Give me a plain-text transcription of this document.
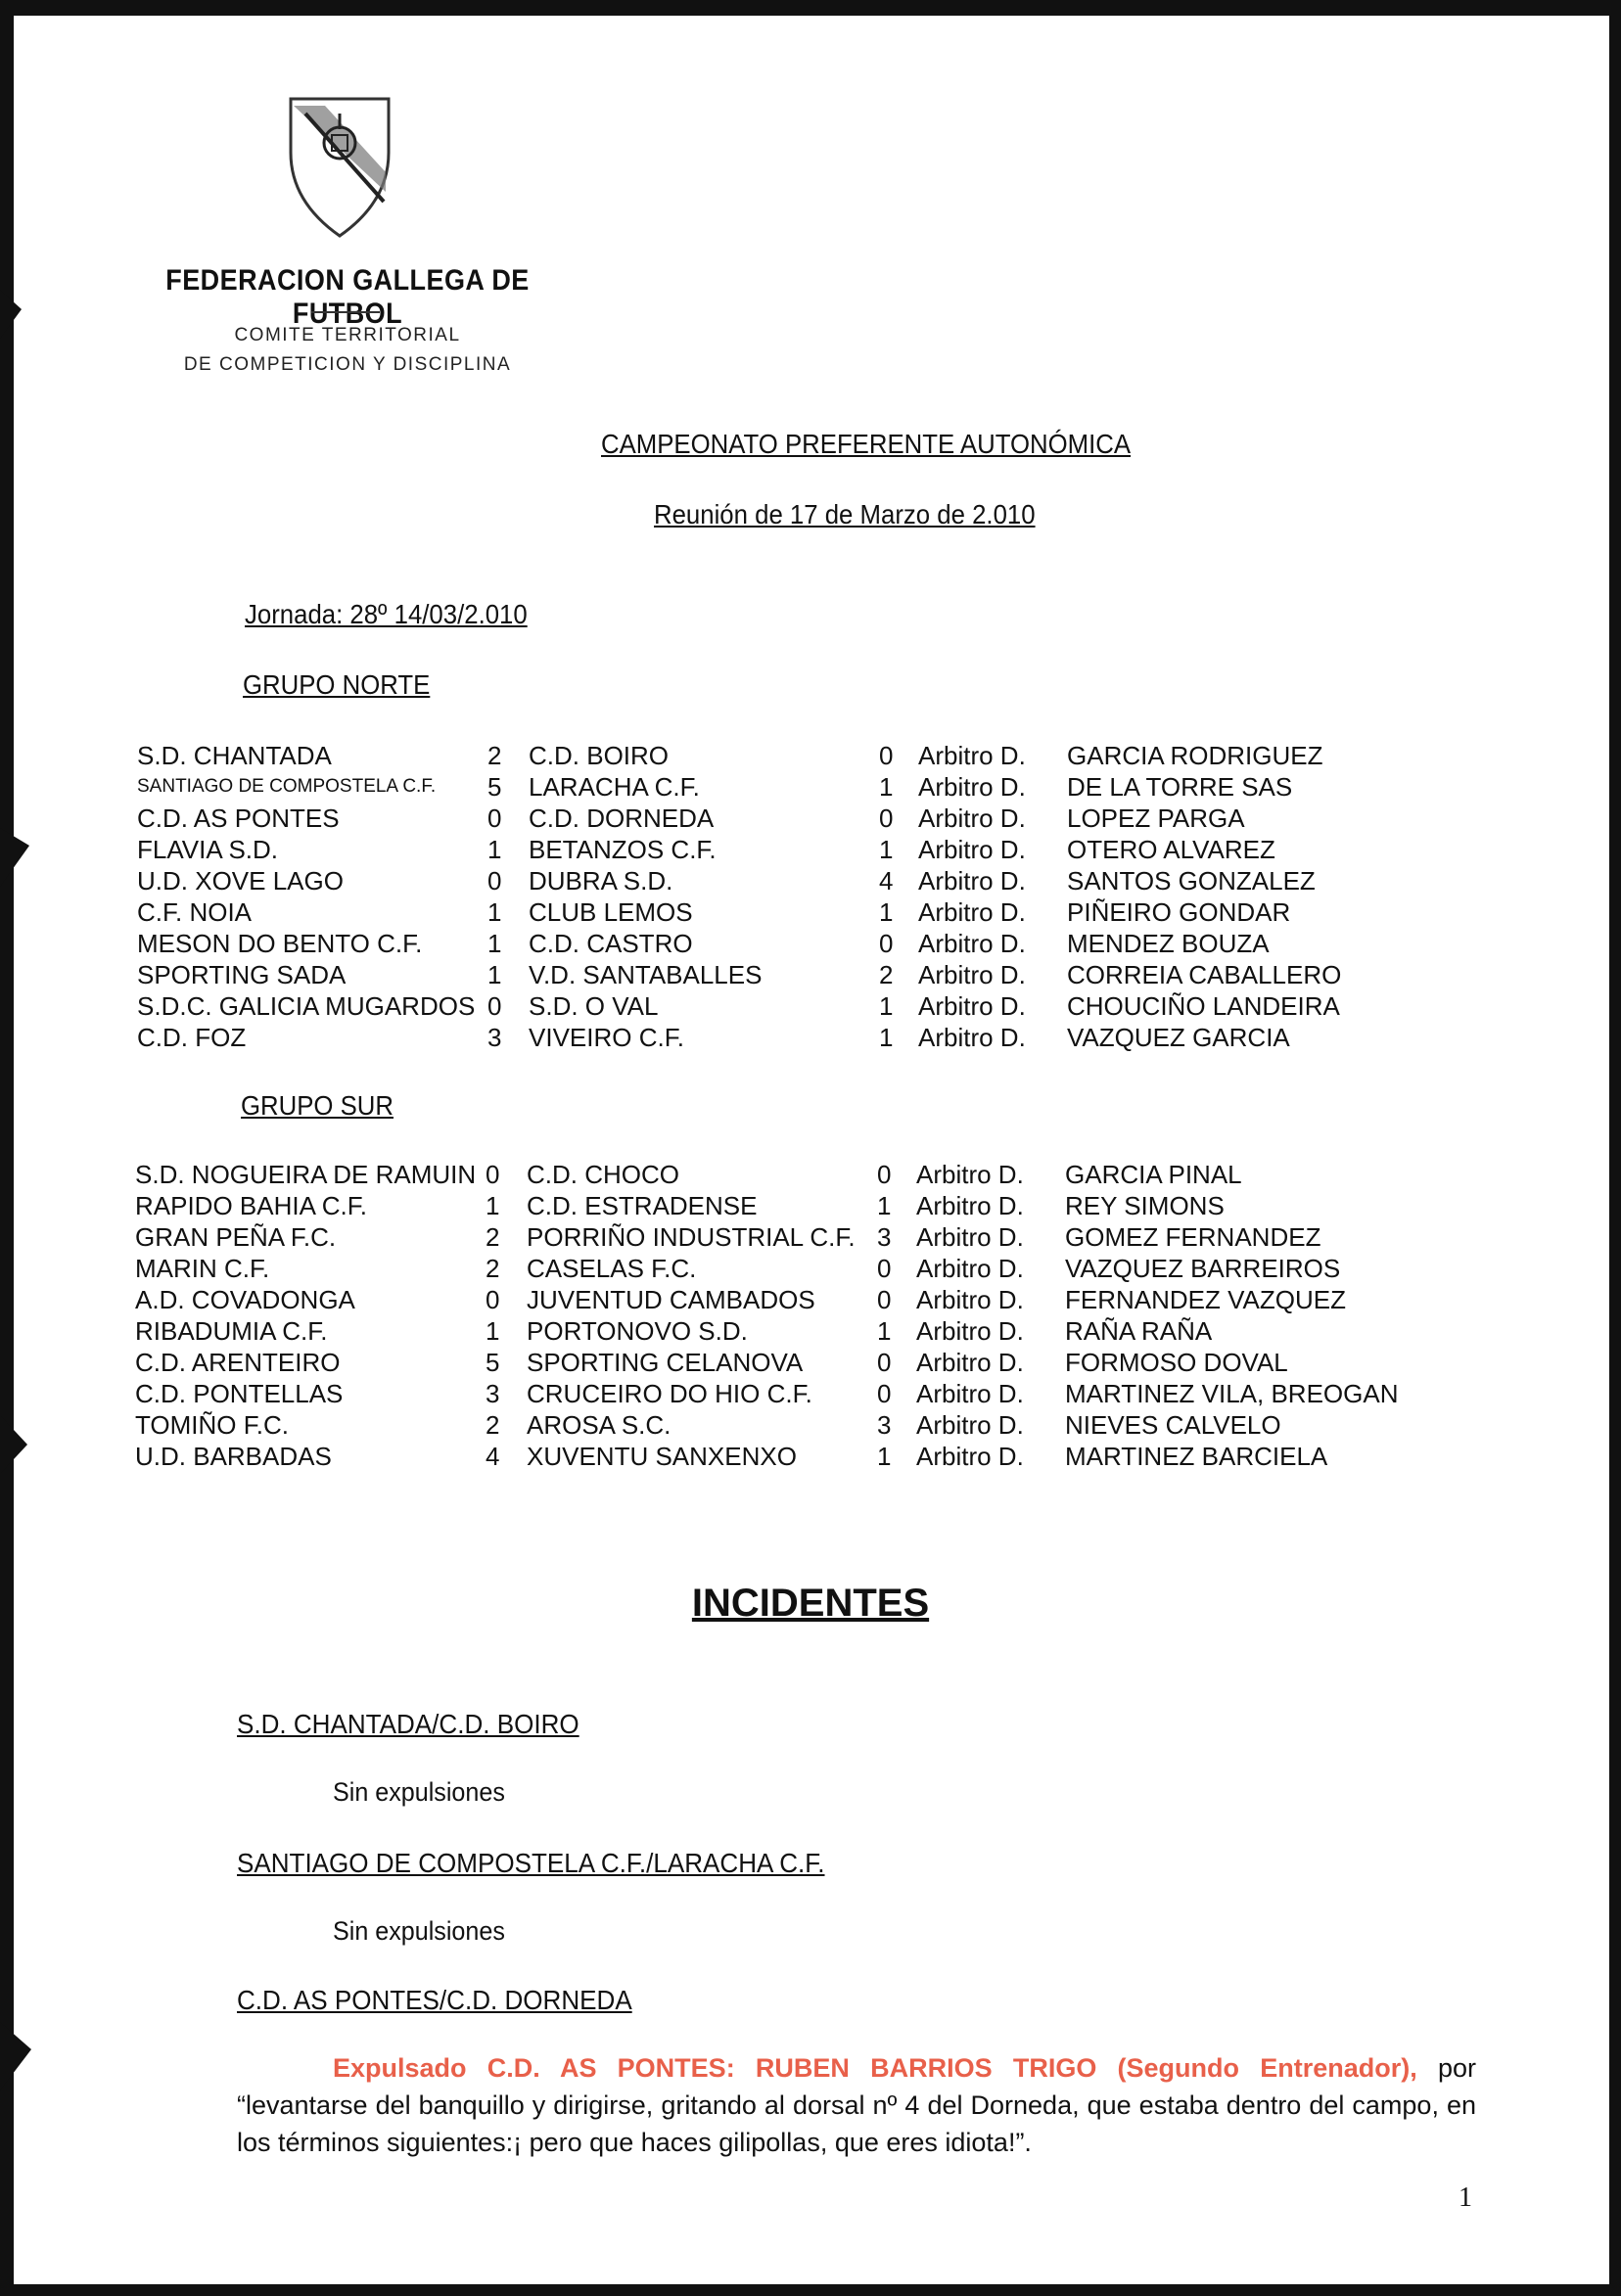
FEDERACION GALLEGA DE FUTBOL
COMITE TERRITORIAL
DE COMPETICION Y DISCIPLINA
CAMPEONATO PREFERENTE AUTONÓMICA
Reunión de 17 de Marzo de 2.010
Jornada: 28º 14/03/2.010
GRUPO NORTE
S.D. CHANTADA	2	C.D. BOIRO	0	Arbitro D.	GARCIA RODRIGUEZ
SANTIAGO DE COMPOSTELA C.F.	5	LARACHA C.F.	1	Arbitro D.	DE LA TORRE SAS
C.D. AS PONTES	0	C.D. DORNEDA	0	Arbitro D.	LOPEZ PARGA
FLAVIA S.D.	1	BETANZOS C.F.	1	Arbitro D.	OTERO ALVAREZ
U.D. XOVE LAGO	0	DUBRA S.D.	4	Arbitro D.	SANTOS GONZALEZ
C.F. NOIA	1	CLUB LEMOS	1	Arbitro D.	PIÑEIRO GONDAR
MESON DO BENTO C.F.	1	C.D. CASTRO	0	Arbitro D.	MENDEZ BOUZA
SPORTING SADA	1	V.D. SANTABALLES	2	Arbitro D.	CORREIA CABALLERO
S.D.C. GALICIA MUGARDOS	0	S.D. O VAL	1	Arbitro D.	CHOUCIÑO LANDEIRA
C.D. FOZ	3	VIVEIRO C.F.	1	Arbitro D.	VAZQUEZ GARCIA
GRUPO SUR
S.D. NOGUEIRA DE RAMUIN	0	C.D. CHOCO	0	Arbitro D.	GARCIA PINAL
RAPIDO BAHIA C.F.	1	C.D. ESTRADENSE	1	Arbitro D.	REY SIMONS
GRAN PEÑA F.C.	2	PORRIÑO INDUSTRIAL C.F.	3	Arbitro D.	GOMEZ FERNANDEZ
MARIN C.F.	2	CASELAS F.C.	0	Arbitro D.	VAZQUEZ BARREIROS
A.D. COVADONGA	0	JUVENTUD CAMBADOS	0	Arbitro D.	FERNANDEZ VAZQUEZ
RIBADUMIA C.F.	1	PORTONOVO S.D.	1	Arbitro D.	RAÑA RAÑA
C.D. ARENTEIRO	5	SPORTING CELANOVA	0	Arbitro D.	FORMOSO DOVAL
C.D. PONTELLAS	3	CRUCEIRO DO HIO C.F.	0	Arbitro D.	MARTINEZ VILA, BREOGAN
TOMIÑO F.C.	2	AROSA S.C.	3	Arbitro D.	NIEVES CALVELO
U.D. BARBADAS	4	XUVENTU SANXENXO	1	Arbitro D.	MARTINEZ BARCIELA
INCIDENTES
S.D. CHANTADA/C.D. BOIRO
Sin expulsiones
SANTIAGO DE COMPOSTELA C.F./LARACHA C.F.
Sin expulsiones
C.D. AS PONTES/C.D. DORNEDA
Expulsado C.D. AS PONTES: RUBEN BARRIOS TRIGO (Segundo Entrenador), por “levantarse del banquillo y dirigirse, gritando al dorsal nº 4 del Dorneda, que estaba dentro del campo, en los términos siguientes:¡ pero que haces gilipollas, que eres idiota!”.
1
